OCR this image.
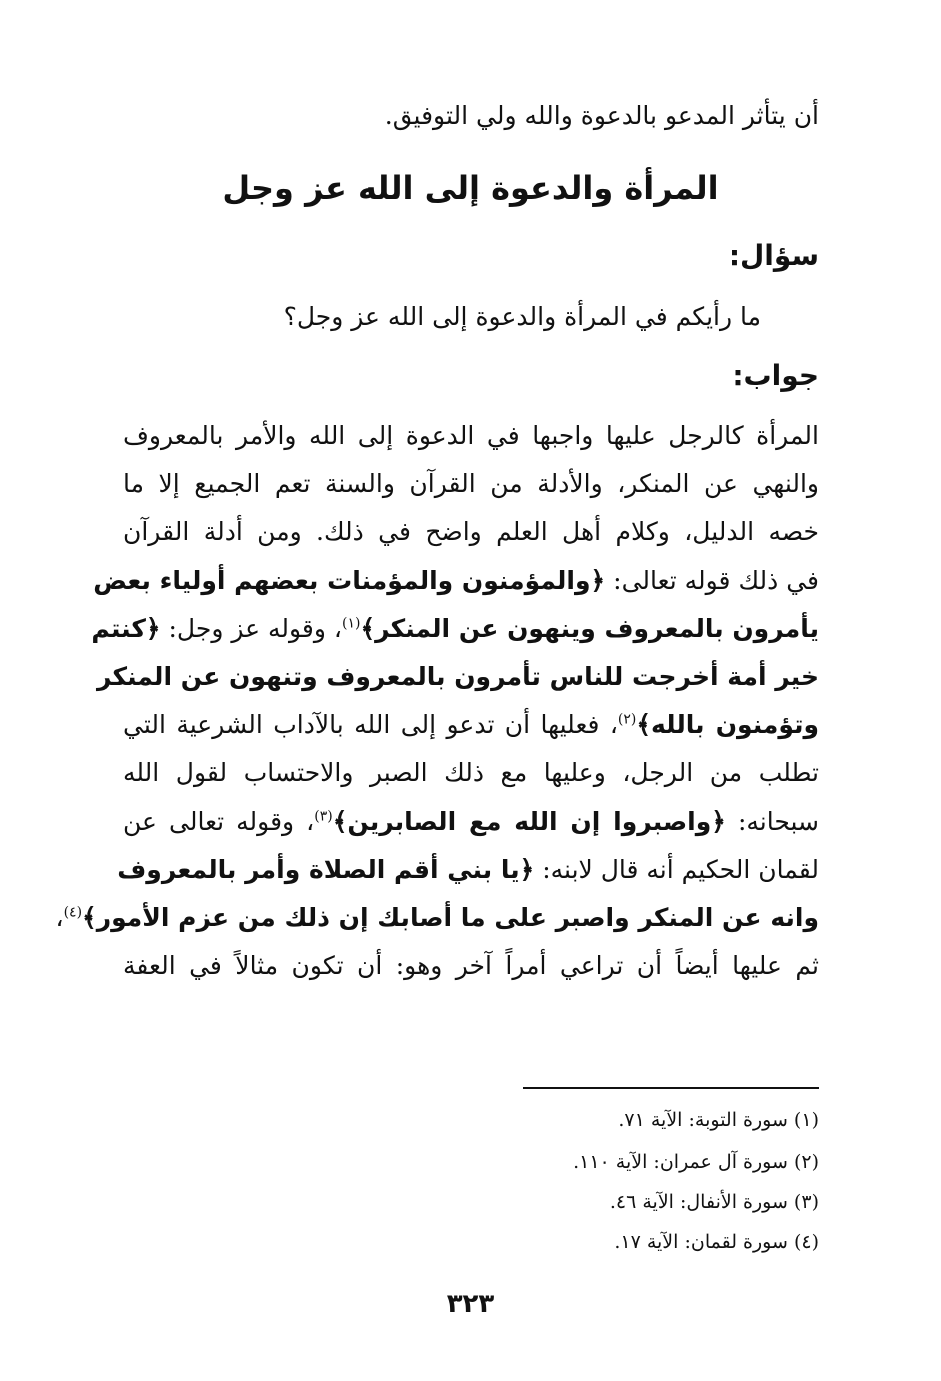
أن يتأثر المدعو بالدعوة والله ولي التوفيق.
المرأة والدعوة إلى الله عز وجل
سؤال:
ما رأيكم في المرأة والدعوة إلى الله عز وجل؟
جواب:
المرأة كالرجل عليها واجبها في الدعوة إلى الله والأمر بالمعروف
والنهي عن المنكر، والأدلة من القرآن والسنة تعم الجميع إلا ما
خصه الدليل، وكلام أهل العلم واضح في ذلك. ومن أدلة القرآن
في ذلك قوله تعالى: ﴿والمؤمنون والمؤمنات بعضهم أولياء بعض
يأمرون بالمعروف وينهون عن المنكر﴾$^{(١)}$، وقوله عز وجل: ﴿كنتم
خير أمة أخرجت للناس تأمرون بالمعروف وتنهون عن المنكر
وتؤمنون بالله﴾$^{(٢)}$، فعليها أن تدعو إلى الله بالآداب الشرعية التي
تطلب من الرجل، وعليها مع ذلك الصبر والاحتساب لقول الله
سبحانه: ﴿واصبروا إن الله مع الصابرين﴾$^{(٣)}$، وقوله تعالى عن
لقمان الحكيم أنه قال لابنه: ﴿يا بني أقم الصلاة وأمر بالمعروف
وانه عن المنكر واصبر على ما أصابك إن ذلك من عزم الأمور﴾$^{(٤)}$،
ثم عليها أيضاً أن تراعي أمراً آخر وهو: أن تكون مثالاً في العفة
(١) سورة التوبة: الآية ٧١.
(٢) سورة آل عمران: الآية ١١٠.
(٣) سورة الأنفال: الآية ٤٦.
(٤) سورة لقمان: الآية ١٧.
٣٢٣
